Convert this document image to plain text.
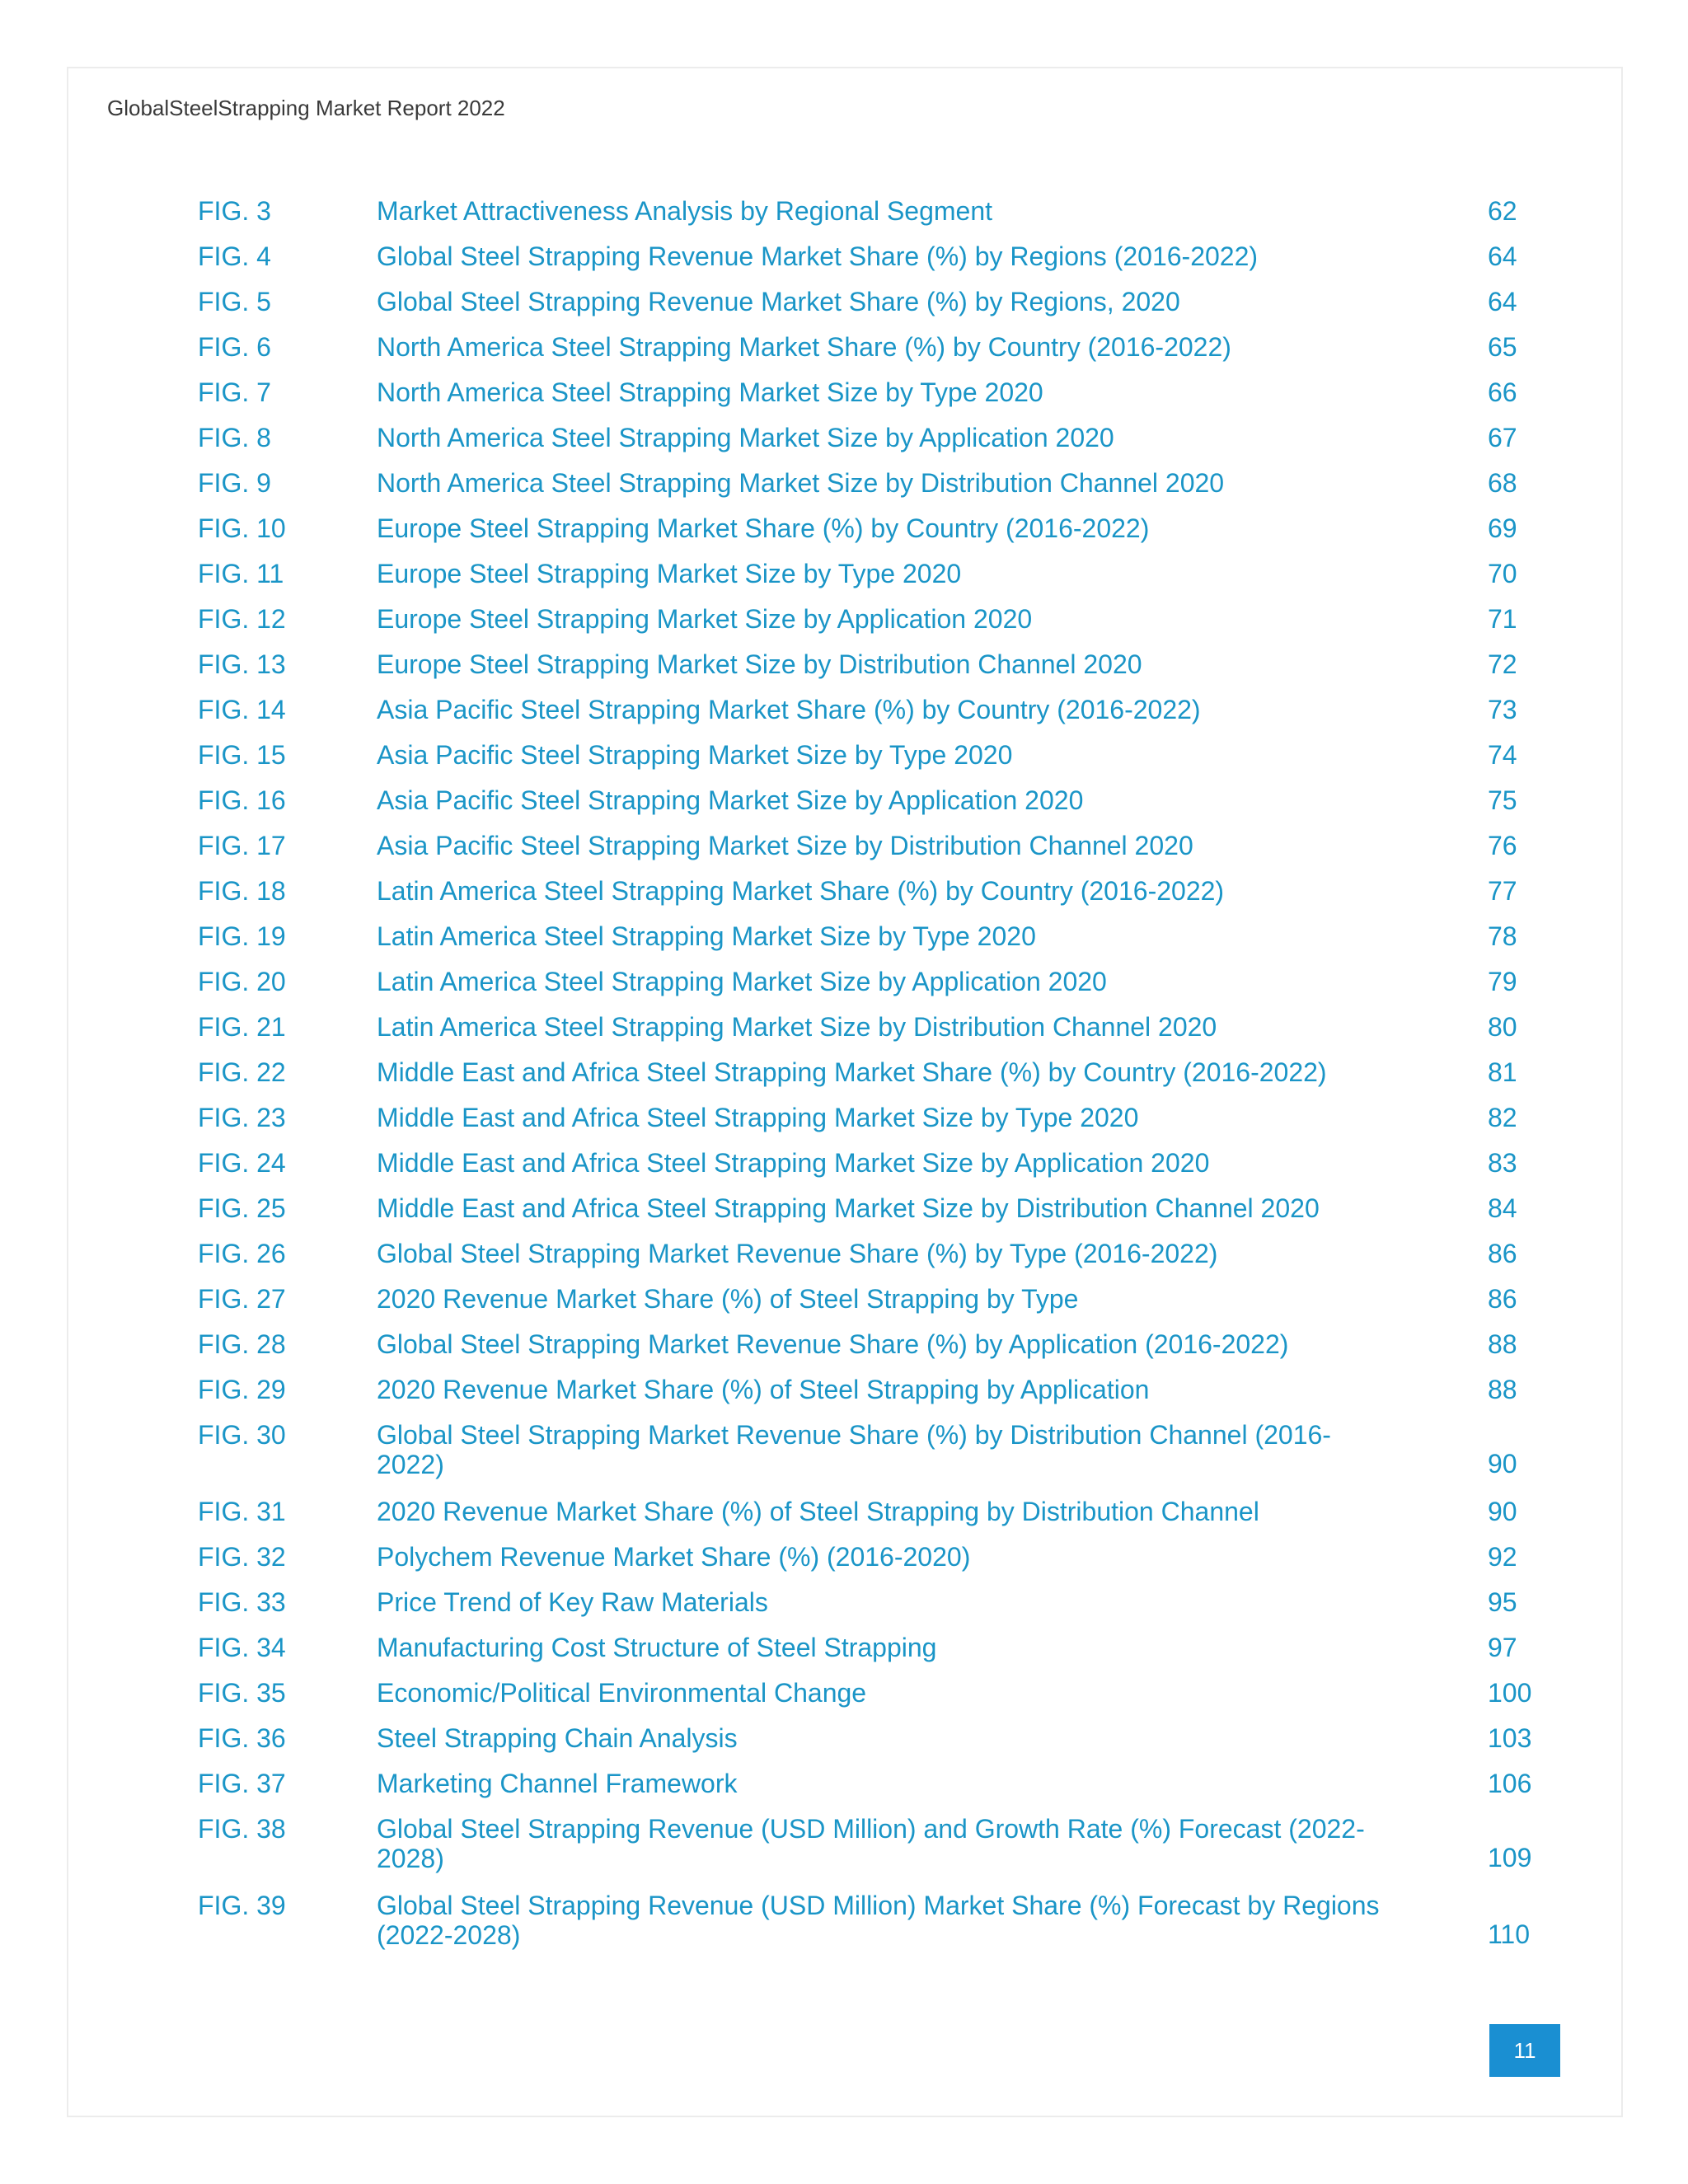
GlobalSteelStrapping Market Report 2022
FIG. 3	Market Attractiveness Analysis by Regional Segment	62
FIG. 4	Global Steel Strapping Revenue Market Share (%) by Regions (2016-2022)	64
FIG. 5	Global Steel Strapping Revenue Market Share (%) by Regions, 2020	64
FIG. 6	North America Steel Strapping Market Share (%) by Country (2016-2022)	65
FIG. 7	North America Steel Strapping Market Size by Type 2020	66
FIG. 8	North America Steel Strapping Market Size by Application 2020	67
FIG. 9	North America Steel Strapping Market Size by Distribution Channel 2020	68
FIG. 10	Europe Steel Strapping Market Share (%) by Country (2016-2022)	69
FIG. 11	Europe Steel Strapping Market Size by Type 2020	70
FIG. 12	Europe Steel Strapping Market Size by Application 2020	71
FIG. 13	Europe Steel Strapping Market Size by Distribution Channel 2020	72
FIG. 14	Asia Pacific Steel Strapping Market Share (%) by Country (2016-2022)	73
FIG. 15	Asia Pacific Steel Strapping Market Size by Type 2020	74
FIG. 16	Asia Pacific Steel Strapping Market Size by Application 2020	75
FIG. 17	Asia Pacific Steel Strapping Market Size by Distribution Channel 2020	76
FIG. 18	Latin America Steel Strapping Market Share (%) by Country (2016-2022)	77
FIG. 19	Latin America Steel Strapping Market Size by Type 2020	78
FIG. 20	Latin America Steel Strapping Market Size by Application 2020	79
FIG. 21	Latin America Steel Strapping Market Size by Distribution Channel 2020	80
FIG. 22	Middle East and Africa Steel Strapping Market Share (%) by Country (2016-2022)	81
FIG. 23	Middle East and Africa Steel Strapping Market Size by Type 2020	82
FIG. 24	Middle East and Africa Steel Strapping Market Size by Application 2020	83
FIG. 25	Middle East and Africa Steel Strapping Market Size by Distribution Channel 2020	84
FIG. 26	Global Steel Strapping Market Revenue Share (%) by Type (2016-2022)	86
FIG. 27	2020 Revenue Market Share (%) of Steel Strapping by Type	86
FIG. 28	Global Steel Strapping Market Revenue Share (%) by Application (2016-2022)	88
FIG. 29	2020 Revenue Market Share (%) of Steel Strapping by Application	88
FIG. 30	Global Steel Strapping Market Revenue Share (%) by Distribution Channel (2016-2022)	90
FIG. 31	2020 Revenue Market Share (%) of Steel Strapping by Distribution Channel	90
FIG. 32	Polychem Revenue Market Share (%) (2016-2020)	92
FIG. 33	Price Trend of Key Raw Materials	95
FIG. 34	Manufacturing Cost Structure of Steel Strapping	97
FIG. 35	Economic/Political Environmental Change	100
FIG. 36	Steel Strapping Chain Analysis	103
FIG. 37	Marketing Channel Framework	106
FIG. 38	Global Steel Strapping Revenue (USD Million) and Growth Rate (%) Forecast (2022-2028)	109
FIG. 39	Global Steel Strapping Revenue (USD Million) Market Share (%) Forecast by Regions (2022-2028)	110
11
